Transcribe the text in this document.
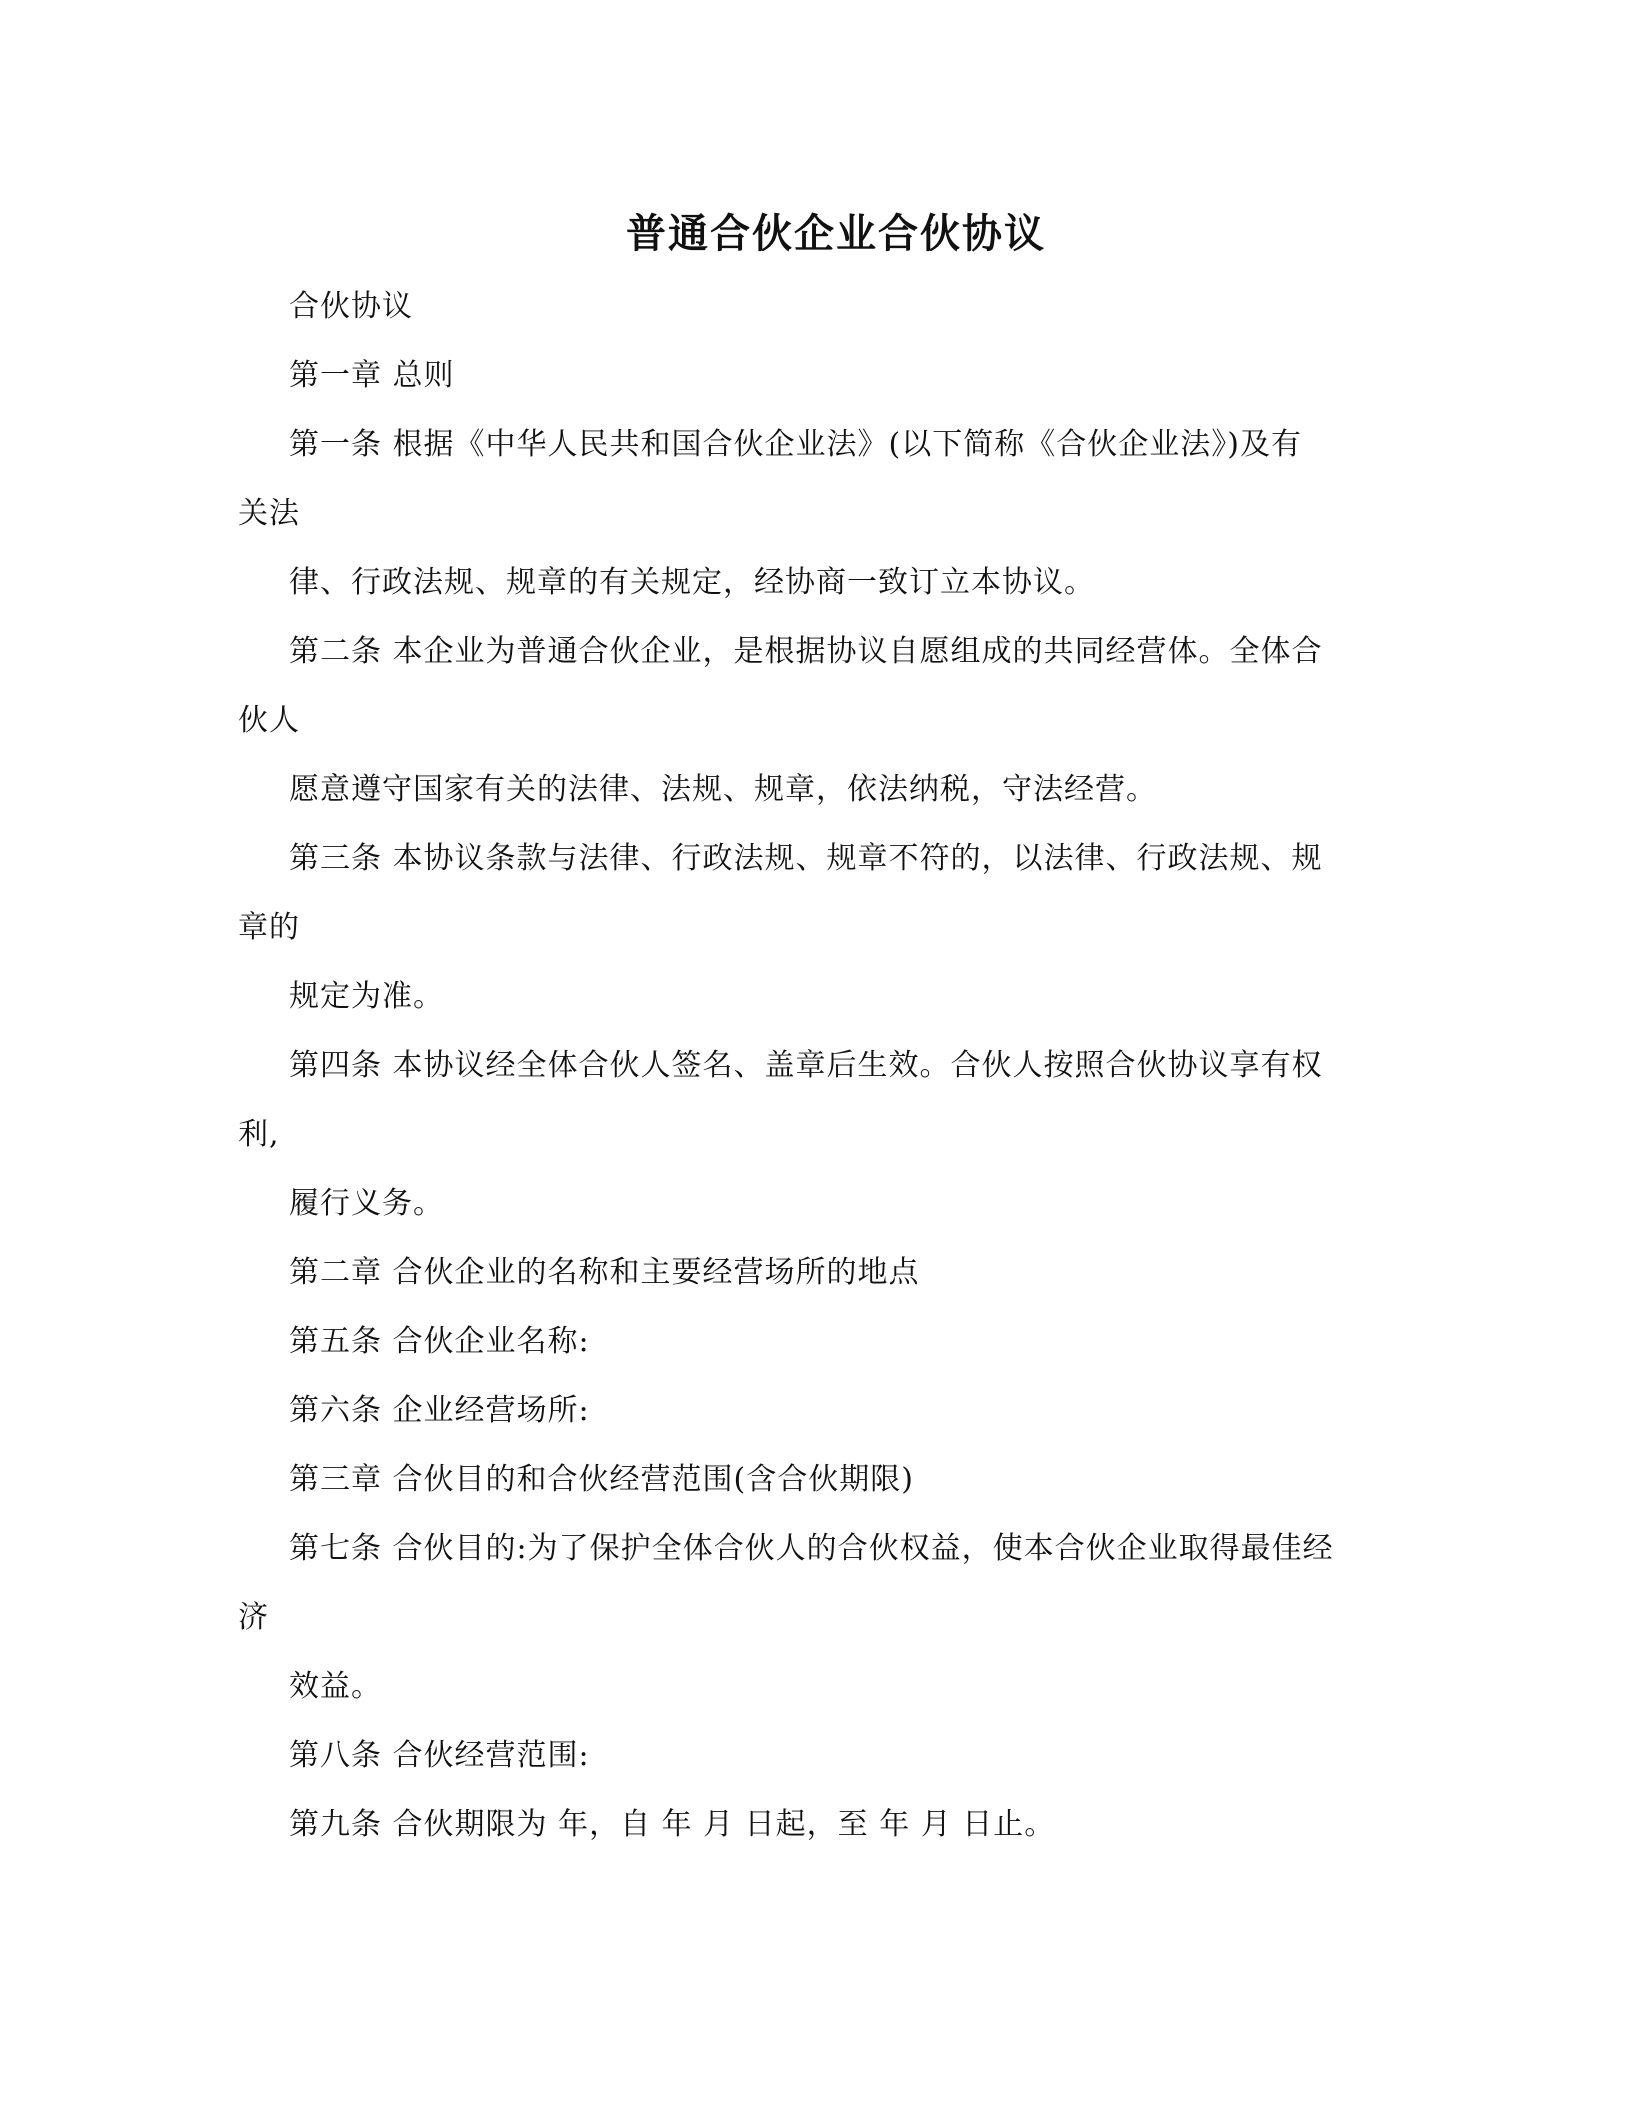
普通合伙企业合伙协议
合伙协议
第一章 总则
第一条 根据《中华人民共和国合伙企业法》(以下简称《合伙企业法》)及有
关法
律、行政法规、规章的有关规定，经协商一致订立本协议。
第二条 本企业为普通合伙企业，是根据协议自愿组成的共同经营体。全体合
伙人
愿意遵守国家有关的法律、法规、规章，依法纳税，守法经营。
第三条 本协议条款与法律、行政法规、规章不符的，以法律、行政法规、规
章的
规定为准。
第四条 本协议经全体合伙人签名、盖章后生效。合伙人按照合伙协议享有权
利,
履行义务。
第二章 合伙企业的名称和主要经营场所的地点
第五条 合伙企业名称:
第六条 企业经营场所:
第三章 合伙目的和合伙经营范围(含合伙期限)
第七条 合伙目的:为了保护全体合伙人的合伙权益，使本合伙企业取得最佳经
济
效益。
第八条 合伙经营范围:
第九条 合伙期限为 年，自 年 月 日起，至 年 月 日止。
